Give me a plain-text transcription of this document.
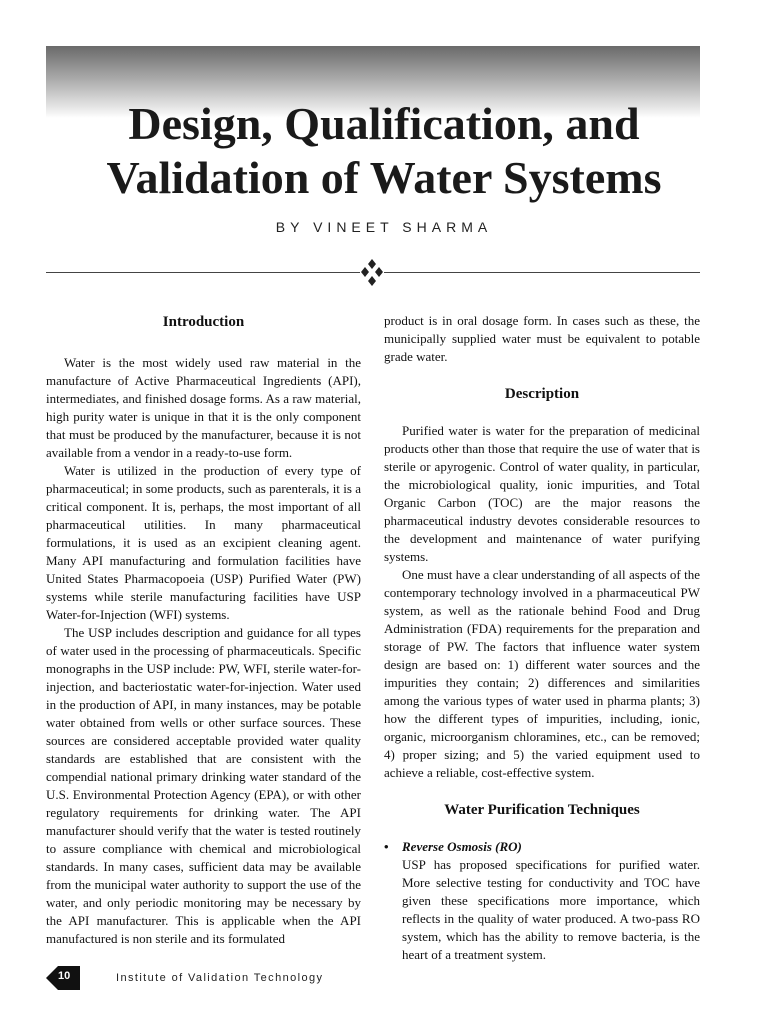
Design, Qualification, and
Validation of Water Systems
BY VINEET SHARMA
Introduction

Water is the most widely used raw material in the manufacture of Active Pharmaceutical Ingredients (API), intermediates, and finished dosage forms. As a raw material, high purity water is unique in that it is the only component that must be produced by the manufacturer, because it is not available from a vendor in a ready-to-use form.

Water is utilized in the production of every type of pharmaceutical; in some products, such as parenterals, it is a critical component. It is, perhaps, the most important of all pharmaceutical utilities. In many pharmaceutical formulations, it is used as an excipient cleaning agent. Many API manufacturing and formulation facilities have United States Pharmacopoeia (USP) Purified Water (PW) systems while sterile manufacturing facilities have USP Water-for-Injection (WFI) systems.

The USP includes description and guidance for all types of water used in the processing of pharmaceuticals. Specific monographs in the USP include: PW, WFI, sterile water-for-injection, and bacteriostatic water-for-injection. Water used in the production of API, in many instances, may be potable water obtained from wells or other surface sources. These sources are considered acceptable provided water quality standards are established that are consistent with the compendial national primary drinking water standard of the U.S. Environmental Protection Agency (EPA), or with other regulatory requirements for drinking water. The API manufacturer should verify that the water is tested routinely to assure compliance with chemical and microbiological standards. In many cases, sufficient data may be available from the municipal water authority to support the use of the water, and only periodic monitoring may be necessary by the API manufacturer. This is applicable when the API manufactured is non sterile and its formulated

product is in oral dosage form. In cases such as these, the municipally supplied water must be equivalent to potable grade water.

Description

Purified water is water for the preparation of medicinal products other than those that require the use of water that is sterile or apyrogenic. Control of water quality, in particular, the microbiological quality, ionic impurities, and Total Organic Carbon (TOC) are the major reasons the pharmaceutical industry devotes considerable resources to the development and maintenance of water purifying systems.

One must have a clear understanding of all aspects of the contemporary technology involved in a pharmaceutical PW system, as well as the rationale behind Food and Drug Administration (FDA) requirements for the preparation and storage of PW. The factors that influence water system design are based on: 1) different water sources and the impurities they contain; 2) differences and similarities among the various types of water used in pharma plants; 3) how the different types of impurities, including, ionic, organic, microorganism chloramines, etc., can be removed; 4) proper sizing; and 5) the varied equipment used to achieve a reliable, cost-effective system.

Water Purification Techniques
• Reverse Osmosis (RO)

USP has proposed specifications for purified water. More selective testing for conductivity and TOC have given these specifications more importance, which reflects in the quality of water produced. A two-pass RO system, which has the ability to remove bacteria, is the heart of a treatment system.

10	Institute of Validation Technology
